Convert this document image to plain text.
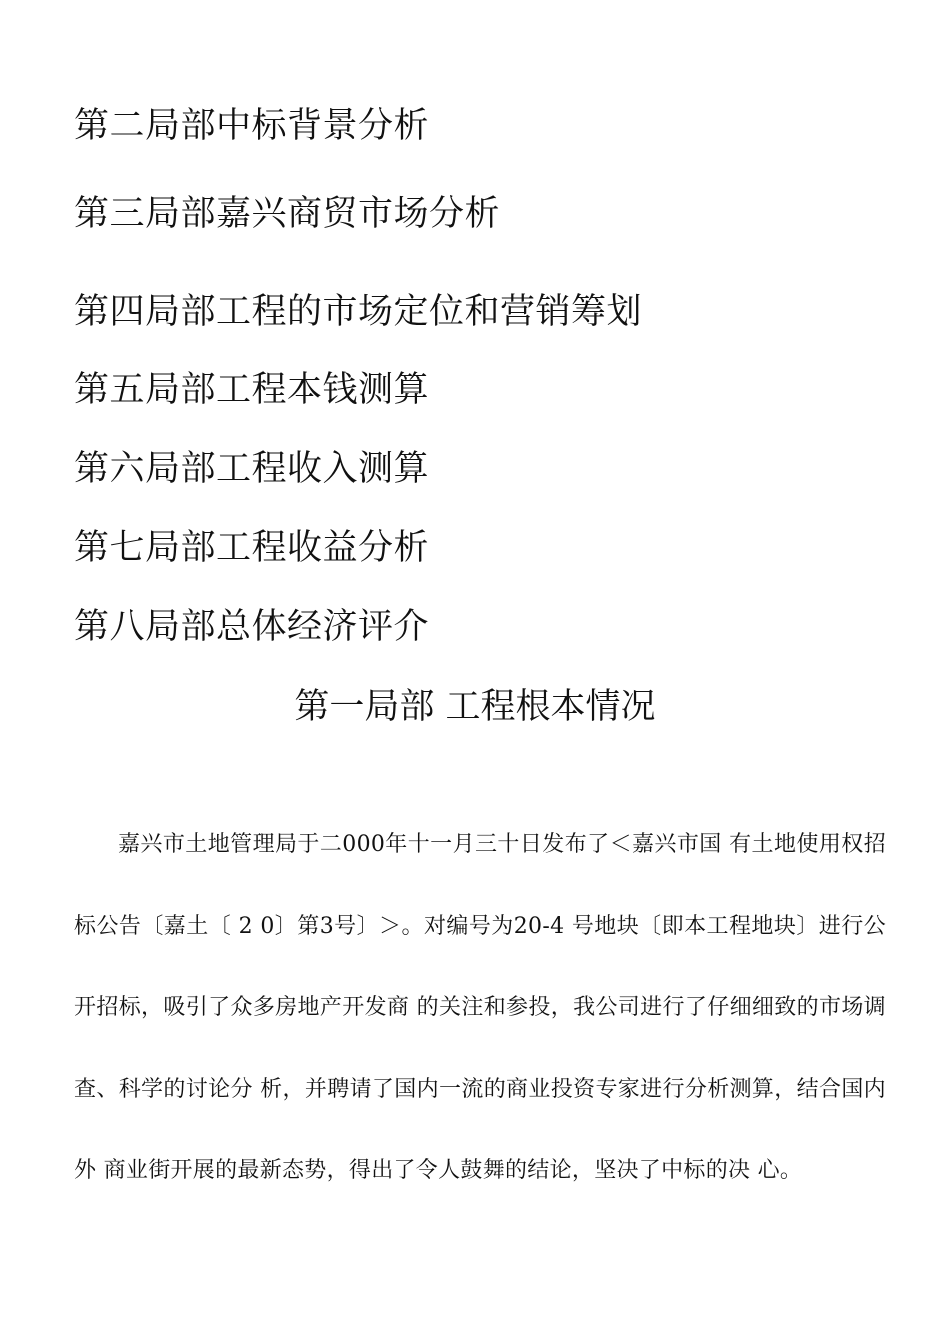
第二局部中标背景分析
第三局部嘉兴商贸市场分析
第四局部工程的市场定位和营销筹划
第五局部工程本钱测算
第六局部工程收入测算
第七局部工程收益分析
第八局部总体经济评介
第一局部 工程根本情况
嘉兴市土地管理局于二000年十一月三十日发布了＜嘉兴市国 有土地使用权招标公告〔嘉土〔 2 0〕第3号〕＞。对编号为20-4 号地块〔即本工程地块〕进行公开招标，吸引了众多房地产开发商 的关注和参投，我公司进行了仔细细致的市场调查、科学的讨论分 析，并聘请了国内一流的商业投资专家进行分析测算，结合国内外 商业街开展的最新态势，得出了令人鼓舞的结论，坚决了中标的决 心。
